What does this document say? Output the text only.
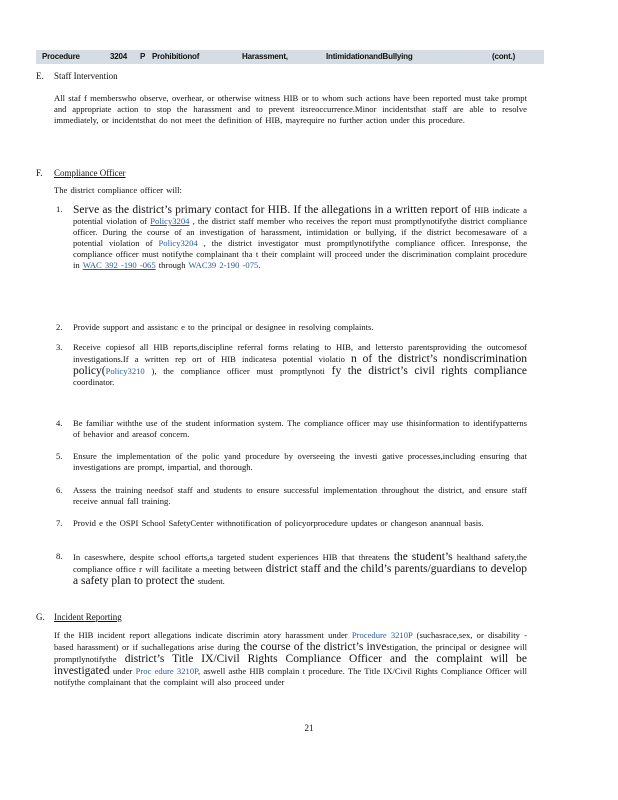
Procedure	3204 P Prohibitionof	Harassment,	IntimidationandBullying	(cont.)
E. Staff Intervention
All staf f memberswho observe, overhear, or otherwise witness HIB or to whom such actions have been reported must take prompt and appropriate action to stop the harassment and to prevent itsreoccurrence.Minor incidentsthat staff are able to resolve immediately, or incidentsthat do not meet the definition of HIB, mayrequire no further action under this procedure.
F. Compliance Officer
The district compliance officer will:
1. Serve as the district’s primary contact for HIB. If the allegations in a written report of HIB indicate a potential violation of Policy3204 , the district staff member who receives the report must promptlynotifythe district compliance officer. During the course of an investigation of harassment, intimidation or bullying, if the district becomesaware of a potential violation of Policy3204 , the district investigator must promptlynotifythe compliance officer. Inresponse, the compliance officer must notifythe complainant tha t their complaint will proceed under the discrimination complaint procedure in WAC 392 -190 -065 through WAC39 2-190 -075.
2. Provide support and assistanc e to the principal or designee in resolving complaints.
3. Receive copiesof all HIB reports,discipline referral forms relating to HIB, and lettersto parentsproviding the outcomesof investigations.If a written rep ort of HIB indicatesa potential violatio n of the district’s nondiscrimination policy(Policy3210 ), the compliance officer must promptlynoti fy the district’s civil rights compliance coordinator.
4. Be familiar withthe use of the student information system. The compliance officer may use thisinformation to identifypatterns of behavior and areasof concern.
5. Ensure the implementation of the polic yand procedure by overseeing the investi gative processes,including ensuring that investigations are prompt, impartial, and thorough.
6. Assess the training needsof staff and students to ensure successful implementation throughout the district, and ensure staff receive annual fall training.
7. Provid e the OSPI School SafetyCenter withnotification of policyorprocedure updates or changeson anannual basis.
8. In caseswhere, despite school efforts,a targeted student experiences HIB that threatens the student’s healthand safety,the compliance office r will facilitate a meeting between district staff and the child’s parents/guardians to develop a safety plan to protect the student.
G. Incident Reporting
If the HIB incident report allegations indicate discrimin atory harassment under Procedure 3210P (suchasrace,sex, or disability -based harassment) or if suchallegations arise during the course of the district’s investigation, the principal or designee will promptlynotifythe district’s Title IX/Civil Rights Compliance Officer and the complaint will be investigated under Proc edure 3210P, aswell asthe HIB complain t procedure. The Title IX/Civil Rights Compliance Officer will notifythe complainant that the complaint will also proceed under
21
